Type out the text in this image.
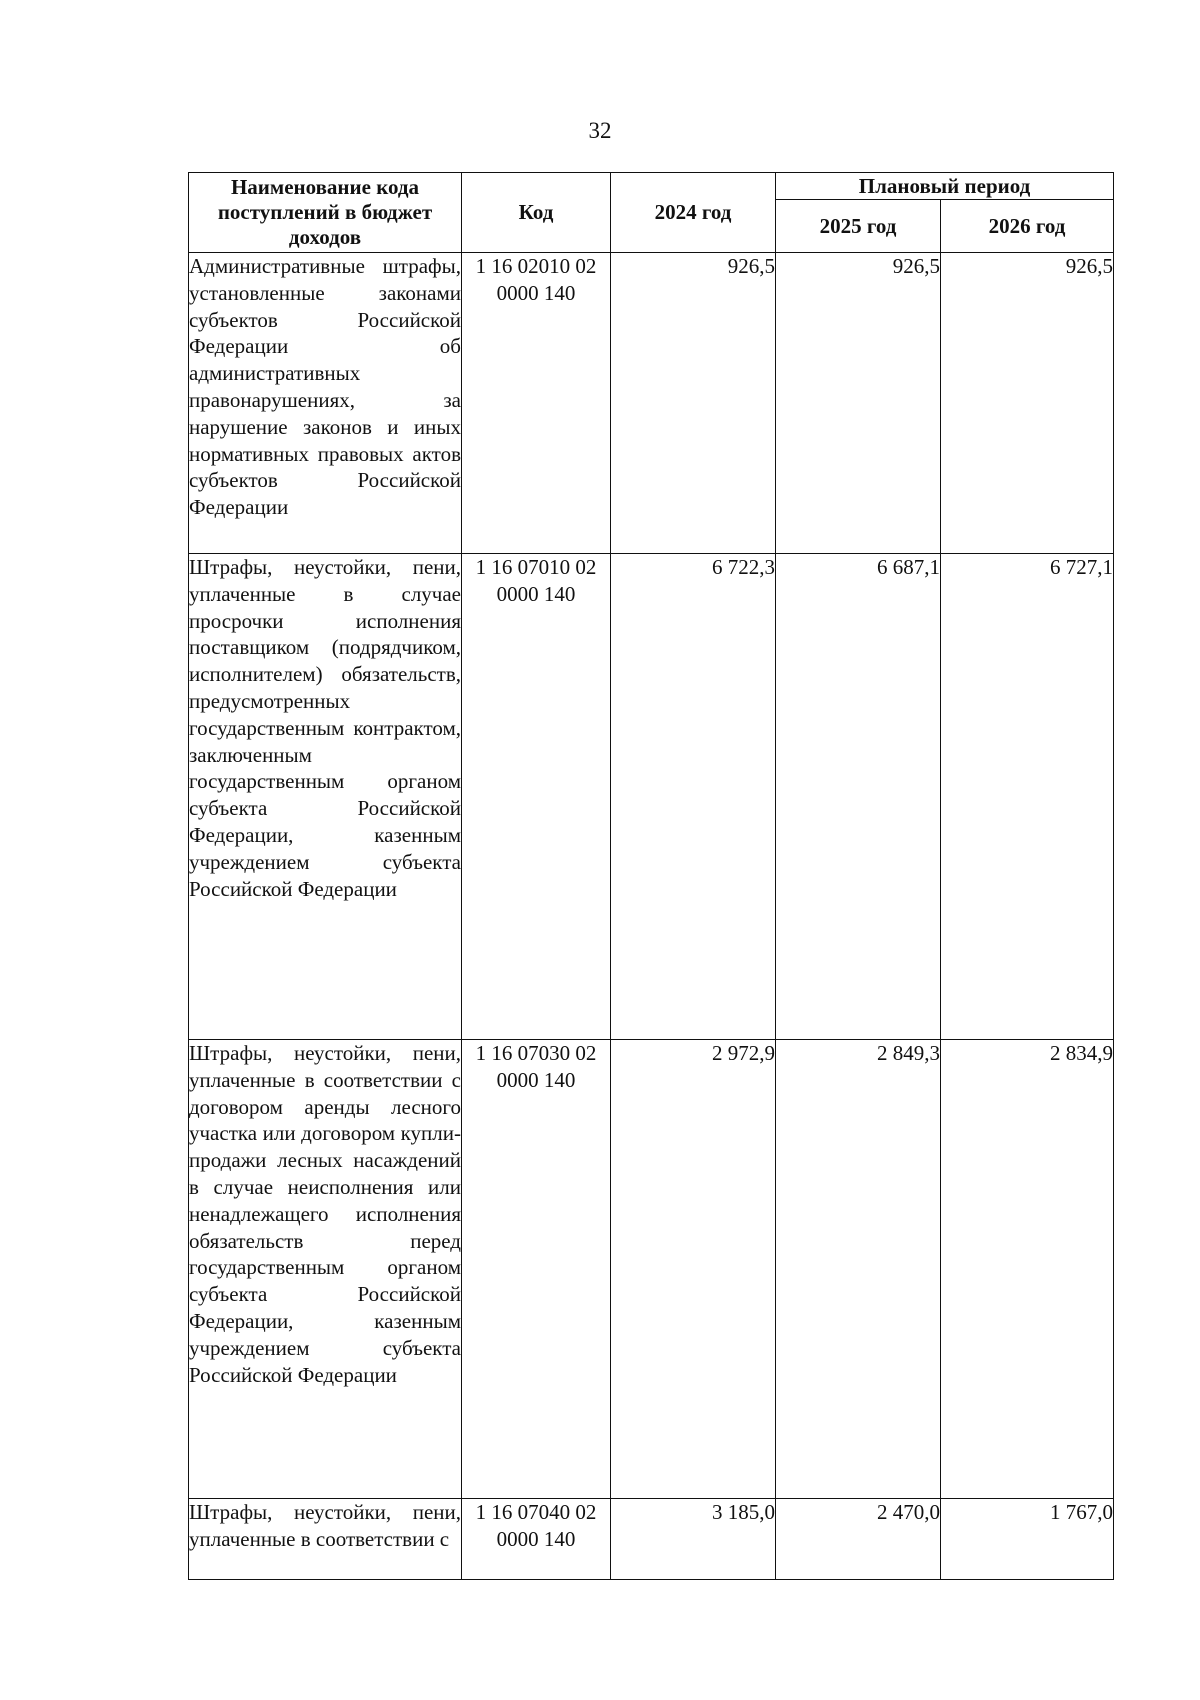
32
Наименование кода поступлений в бюджет доходов	Код	2024 год	Плановый период	
			2025 год	2026 год
Административные штрафы, установленные законами субъектов Российской Федерации об административных правонарушениях, за нарушение законов и иных нормативных правовых актов субъектов Российской Федерации	1 16 02010 02 0000 140	926,5	926,5	926,5
Штрафы, неустойки, пени, уплаченные в случае просрочки исполнения поставщиком (подрядчиком, исполнителем) обязательств, предусмотренных государственным контрактом, заключенным государственным органом субъекта Российской Федерации, казенным учреждением субъекта Российской Федерации	1 16 07010 02 0000 140	6 722,3	6 687,1	6 727,1
Штрафы, неустойки, пени, уплаченные в соответствии с договором аренды лесного участка или договором купли-продажи лесных насаждений в случае неисполнения или ненадлежащего исполнения обязательств перед государственным органом субъекта Российской Федерации, казенным учреждением субъекта Российской Федерации	1 16 07030 02 0000 140	2 972,9	2 849,3	2 834,9
Штрафы, неустойки, пени, уплаченные в соответствии с	1 16 07040 02 0000 140	3 185,0	2 470,0	1 767,0
